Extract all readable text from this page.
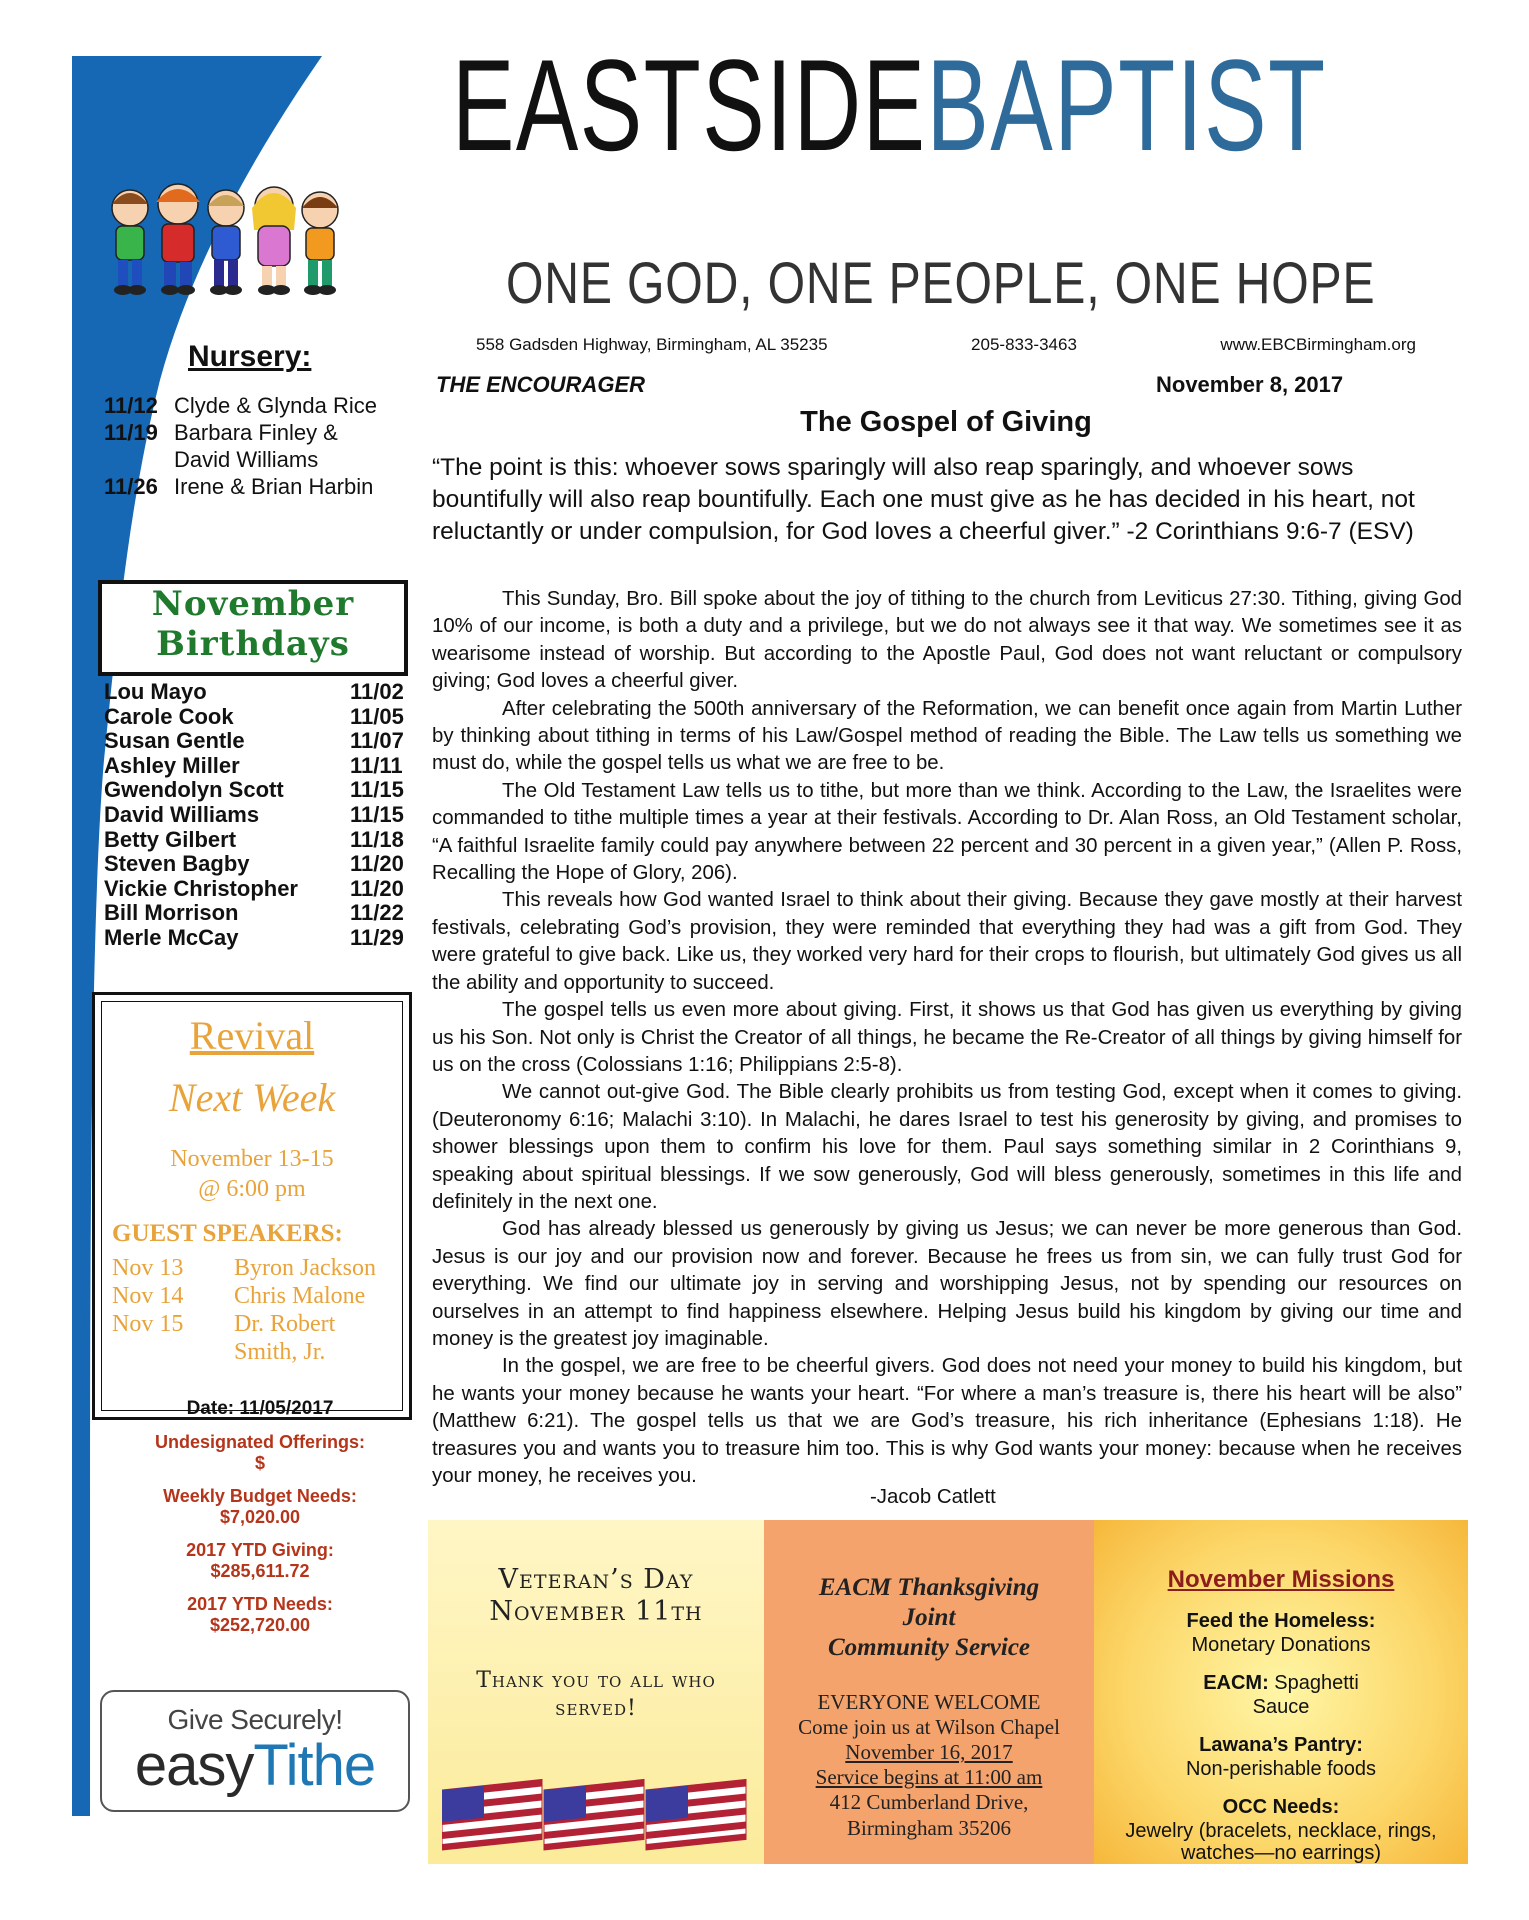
Nursery:
11/12 Clyde & Glynda Rice
11/19 Barbara Finley &
David Williams
11/26 Irene & Brian Harbin
November
Birthdays
Lou Mayo	11/02
Carole Cook	11/05
Susan Gentle	11/07
Ashley Miller	11/11
Gwendolyn Scott	11/15
David Williams	11/15
Betty Gilbert	11/18
Steven Bagby	11/20
Vickie Christopher 11/20
Bill Morrison	11/22
Merle McCay	11/29
Revival
Next Week
November 13-15
@ 6:00 pm
GUEST SPEAKERS:
Nov 13	Byron Jackson
Nov 14	Chris Malone
Nov 15	Dr. Robert
Smith, Jr.
Date: 11/05/2017
Undesignated Offerings:
$
Weekly Budget Needs:
$7,020.00
2017 YTD Giving:
$285,611.72
2017 YTD Needs:
$252,720.00
Give Securely!
easyTithe
EASTSIDEBAPTIST
ONE GOD, ONE PEOPLE, ONE HOPE
558 Gadsden Highway, Birmingham, AL 35235	205-833-3463	www.EBCBirmingham.org
THE ENCOURAGER	November 8, 2017
The Gospel of Giving
“The point is this: whoever sows sparingly will also reap sparingly, and whoever sows bountifully will also reap bountifully. Each one must give as he has decided in his heart, not reluctantly or under compulsion, for God loves a cheerful giver.” -2 Corinthians 9:6-7 (ESV)

This Sunday, Bro. Bill spoke about the joy of tithing to the church from Leviticus 27:30. Tithing, giving God 10% of our income, is both a duty and a privilege, but we do not always see it that way. We sometimes see it as wearisome instead of worship. But according to the Apostle Paul, God does not want reluctant or compulsory giving; God loves a cheerful giver.

After celebrating the 500th anniversary of the Reformation, we can benefit once again from Martin Luther by thinking about tithing in terms of his Law/Gospel method of reading the Bible. The Law tells us something we must do, while the gospel tells us what we are free to be.

The Old Testament Law tells us to tithe, but more than we think. According to the Law, the Israelites were commanded to tithe multiple times a year at their festivals. According to Dr. Alan Ross, an Old Testament scholar, “A faithful Israelite family could pay anywhere between 22 percent and 30 percent in a given year,” (Allen P. Ross, Recalling the Hope of Glory, 206).

This reveals how God wanted Israel to think about their giving. Because they gave mostly at their harvest festivals, celebrating God’s provision, they were reminded that everything they had was a gift from God. They were grateful to give back. Like us, they worked very hard for their crops to flourish, but ultimately God gives us all the ability and opportunity to succeed.

The gospel tells us even more about giving. First, it shows us that God has given us everything by giving us his Son. Not only is Christ the Creator of all things, he became the Re-Creator of all things by giving himself for us on the cross (Colossians 1:16; Philippians 2:5-8).

We cannot out-give God. The Bible clearly prohibits us from testing God, except when it comes to giving. (Deuteronomy 6:16; Malachi 3:10). In Malachi, he dares Israel to test his generosity by giving, and promises to shower blessings upon them to confirm his love for them. Paul says something similar in 2 Corinthians 9, speaking about spiritual blessings. If we sow generously, God will bless generously, sometimes in this life and definitely in the next one.

God has already blessed us generously by giving us Jesus; we can never be more generous than God. Jesus is our joy and our provision now and forever. Because he frees us from sin, we can fully trust God for everything. We find our ultimate joy in serving and worshipping Jesus, not by spending our resources on ourselves in an attempt to find happiness elsewhere. Helping Jesus build his kingdom by giving our time and money is the greatest joy imaginable.

In the gospel, we are free to be cheerful givers. God does not need your money to build his kingdom, but he wants your money because he wants your heart. “For where a man’s treasure is, there his heart will be also” (Matthew 6:21). The gospel tells us that we are God’s treasure, his rich inheritance (Ephesians 1:18). He treasures you and wants you to treasure him too. This is why God wants your money: because when he receives your money, he receives you.

-Jacob Catlett
Veteran’s Day
November 11th
Thank you to all who
served!
EACM Thanksgiving
Joint
Community Service
EVERYONE WELCOME
Come join us at Wilson Chapel
November 16, 2017
Service begins at 11:00 am
412 Cumberland Drive,
Birmingham 35206
November Missions
Feed the Homeless:
Monetary Donations
EACM: Spaghetti
Sauce
Lawana’s Pantry:
Non-perishable foods
OCC Needs:
Jewelry (bracelets, necklace, rings,
watches—no earrings)
